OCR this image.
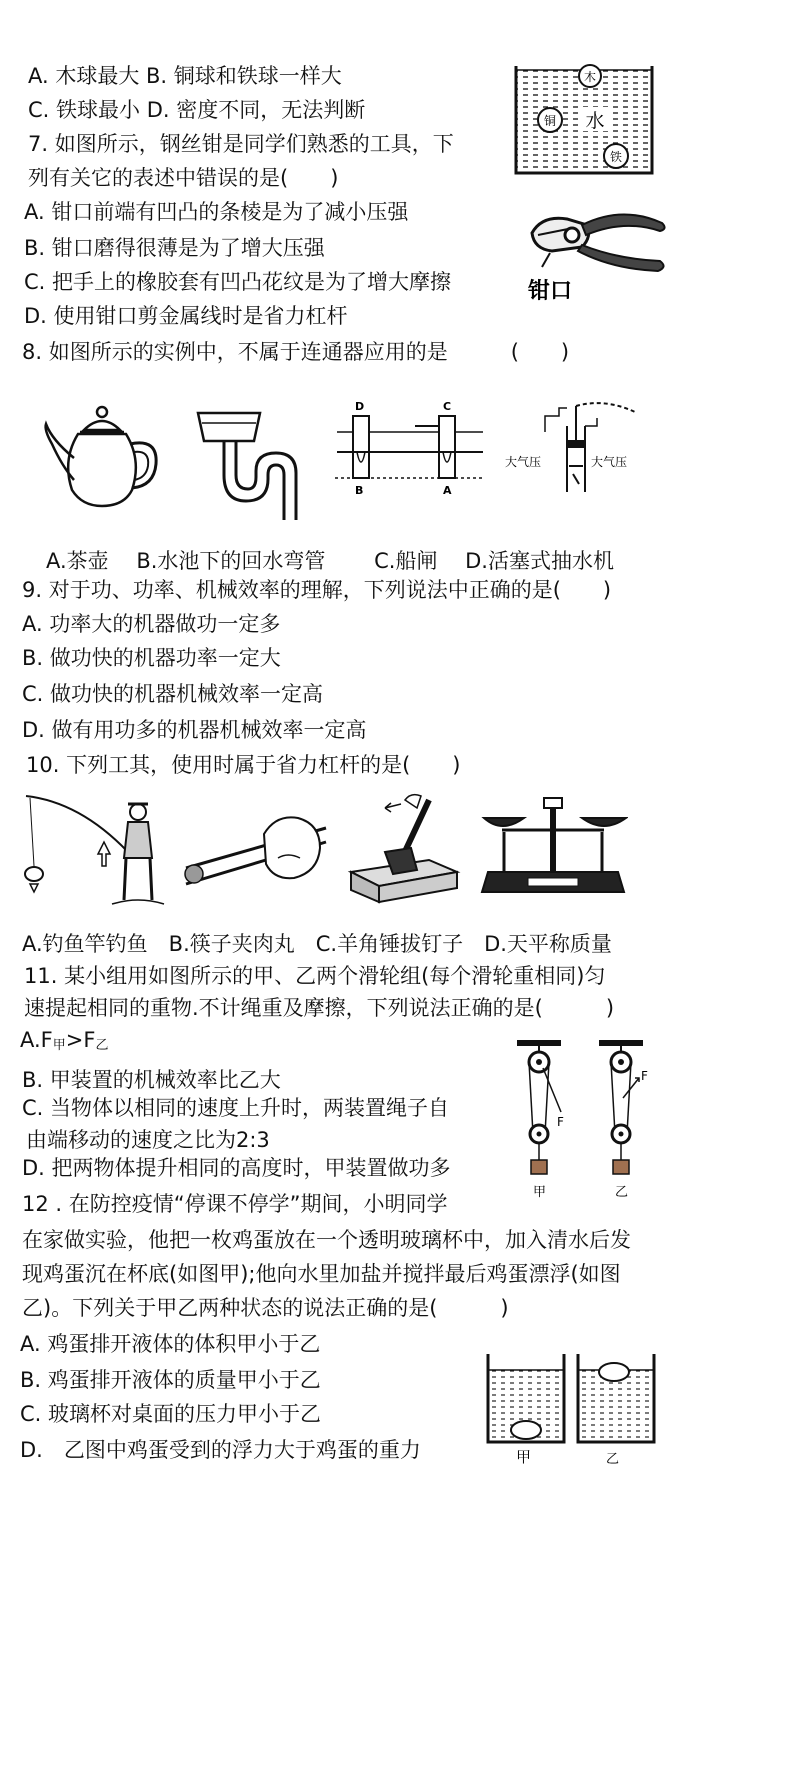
A. 木球最大 B. 铜球和铁球一样大
C. 铁球最小 D. 密度不同，无法判断
木
铜 水
铁
7. 如图所示，钢丝钳是同学们熟悉的工具，下
列有关它的表述中错误的是(　　)
A. 钳口前端有凹凸的条棱是为了减小压强
B. 钳口磨得很薄是为了增大压强
C. 把手上的橡胶套有凹凸花纹是为了增大摩擦
D. 使用钳口剪金属线时是省力杠杆
钳口
8. 如图所示的实例中，不属于连通器应用的是　　　(　　)
D	C
B	A
大气压	大气压
A.茶壶　 B.水池下的回水弯管　　 C.船闸　 D.活塞式抽水机
9. 对于功、功率、机械效率的理解，下列说法中正确的是(　　)
A. 功率大的机器做功一定多
B. 做功快的机器功率一定大
C. 做功快的机器机械效率一定高
D. 做有用功多的机器机械效率一定高
10. 下列工其，使用时属于省力杠杆的是(　　)
A.钓鱼竿钓鱼　B.筷子夹肉丸　C.羊角锤拔钉子　D.天平称质量
11. 某小组用如图所示的甲、乙两个滑轮组(每个滑轮重相同)匀
速提起相同的重物.不计绳重及摩擦，下列说法正确的是(　　　)
$A.F_甲>F_乙$
B. 甲装置的机械效率比乙大
C. 当物体以相同的速度上升时，两装置绳子自
由端移动的速度之比为2:3
D. 把两物体提升相同的高度时，甲装置做功多
F
甲
F
乙
12 . 在防控疫情“停课不停学”期间，小明同学
在家做实验，他把一枚鸡蛋放在一个透明玻璃杯中，加入清水后发
现鸡蛋沉在杯底(如图甲);他向水里加盐并搅拌最后鸡蛋漂浮(如图
乙)。下列关于甲乙两种状态的说法正确的是(　　　)
A. 鸡蛋排开液体的体积甲小于乙
B. 鸡蛋排开液体的质量甲小于乙
C. 玻璃杯对桌面的压力甲小于乙
D.　乙图中鸡蛋受到的浮力大于鸡蛋的重力	甲	乙
